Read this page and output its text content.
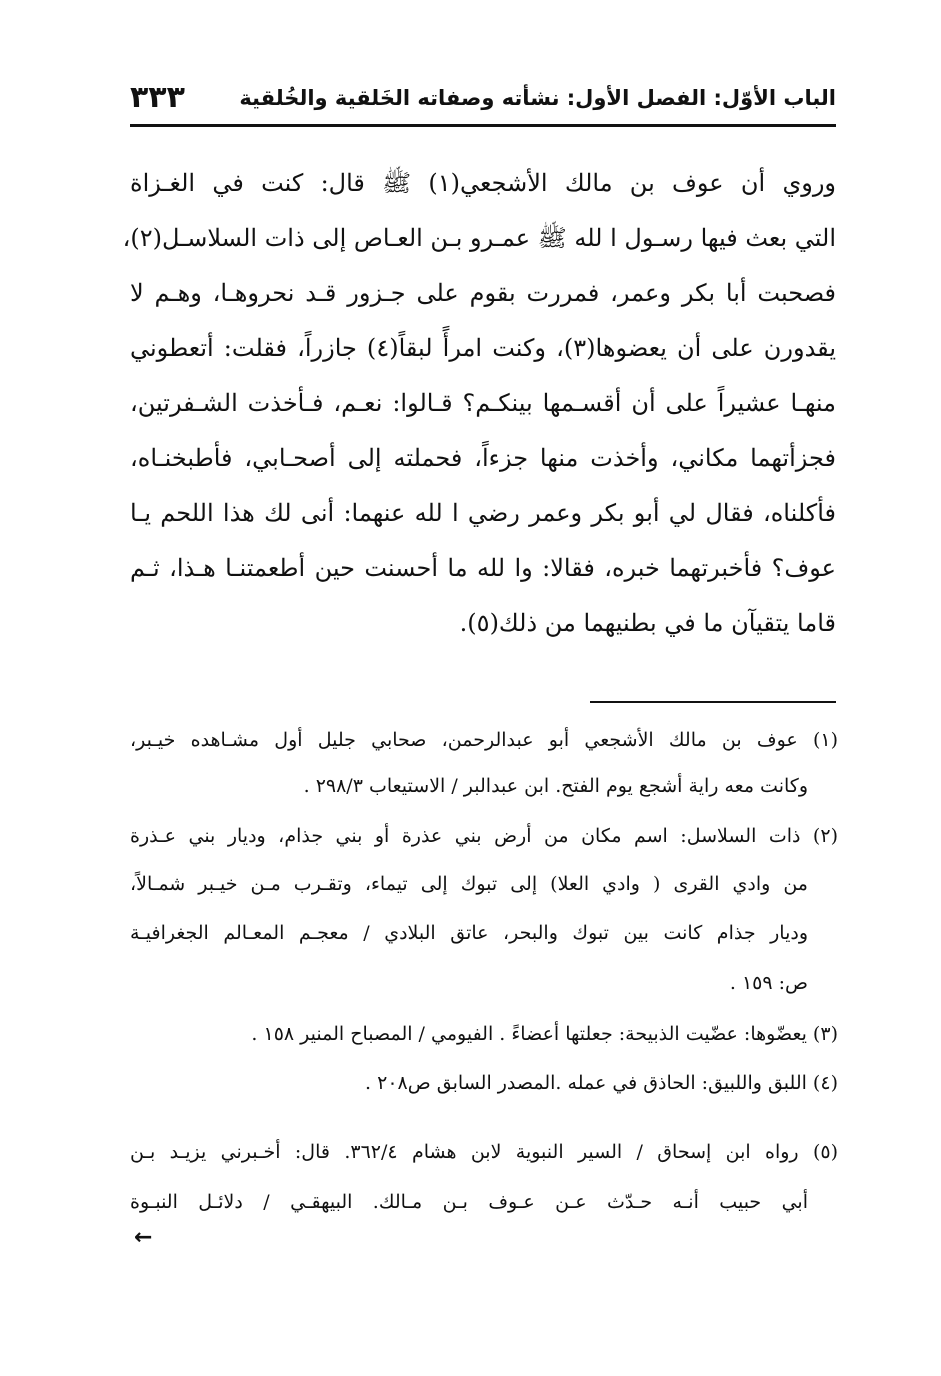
الباب الأوّل: الفصل الأول: نشأته وصفاته الخَلقية والخُلقية
٣٣٣
وروي أن عوف بن مالك الأشجعي(١) ﷺ قال: كنت في الغـزاة
التي بعث فيها رسـول ا لله ﷺ عمـرو بـن العـاص إلى ذات السلاسـل(٢)،
فصحبت أبا بكر وعمر، فمررت بقوم على جـزور قـد نحروهـا، وهـم لا
يقدورن على أن يعضوها(٣)، وكنت امرأً لبقاً(٤) جازراً، فقلت: أتعطوني
منهـا عشيراً على أن أقسـمها بينكـم؟ قـالوا: نعـم، فـأخذت الشـفرتين،
فجزأتهما مكاني، وأخذت منها جزءاً، فحملته إلى أصحـابي، فأطبخنـاه،
فأكلناه، فقال لي أبو بكر وعمر رضي ا لله عنهما: أنى لك هذا اللحم يـا
عوف؟ فأخبرتهما خبره، فقالا: وا لله ما أحسنت حين أطعمتنـا هـذا، ثـم
قاما يتقيآن ما في بطنيهما من ذلك(٥).
(١) عوف بن مالك الأشجعي أبو عبدالرحمن، صحابي جليل أول مشـاهده خيـبر،
وكانت معه راية أشجع يوم الفتح. ابن عبدالبر / الاستيعاب ٢٩٨/٣ .
(٢) ذات السلاسل: اسم مكان من أرض بني عذرة أو بني جذام، وديار بني عـذرة
من وادي القرى ( وادي العلا) إلى تبوك إلى تيماء، وتقـرب مـن خيـبر شمـالاً،
وديار جذام كانت بين تبوك والبحر، عاتق البلادي / معجـم المعـالم الجغرافيـة
ص: ١٥٩ .
(٣) يعضّوها: عضّيت الذبيحة: جعلتها أعضاءً . الفيومي / المصباح المنير ١٥٨ .
(٤) اللبق واللبيق: الحاذق في عمله .المصدر السابق ص٢٠٨ .
(٥) رواه ابن إسحاق / السير النبوية لابن هشام ٣٦٢/٤. قال: أخـبرني يزيـد بـن
أبي حبيب أنـه حـدّث عـن عـوف بـن مـالك. البيهقـي / دلائـل النبـوة
←
